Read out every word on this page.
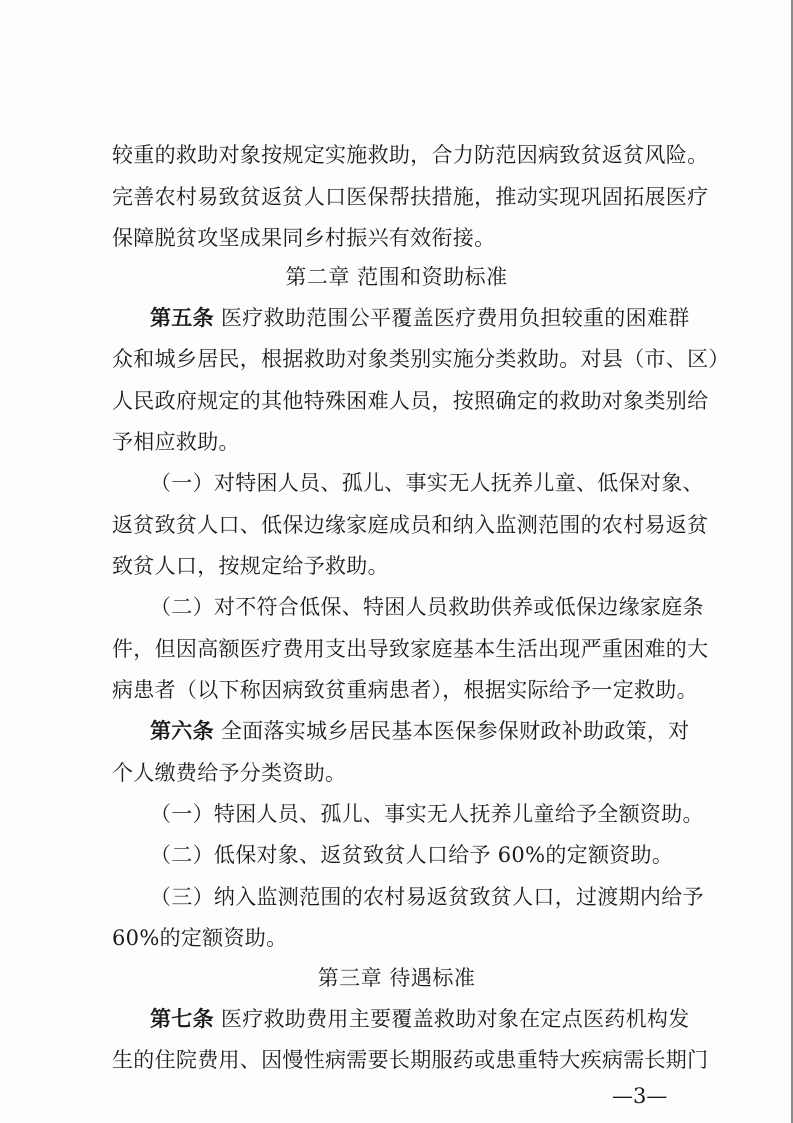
较重的救助对象按规定实施救助，合力防范因病致贫返贫风险。
完善农村易致贫返贫人口医保帮扶措施，推动实现巩固拓展医疗
保障脱贫攻坚成果同乡村振兴有效衔接。
第二章 范围和资助标准
第五条 医疗救助范围公平覆盖医疗费用负担较重的困难群
众和城乡居民，根据救助对象类别实施分类救助。对县（市、区）
人民政府规定的其他特殊困难人员，按照确定的救助对象类别给
予相应救助。
（一）对特困人员、孤儿、事实无人抚养儿童、低保对象、
返贫致贫人口、低保边缘家庭成员和纳入监测范围的农村易返贫
致贫人口，按规定给予救助。
（二）对不符合低保、特困人员救助供养或低保边缘家庭条
件，但因高额医疗费用支出导致家庭基本生活出现严重困难的大
病患者（以下称因病致贫重病患者），根据实际给予一定救助。
第六条 全面落实城乡居民基本医保参保财政补助政策，对
个人缴费给予分类资助。
（一）特困人员、孤儿、事实无人抚养儿童给予全额资助。
（二）低保对象、返贫致贫人口给予 60%的定额资助。
（三）纳入监测范围的农村易返贫致贫人口，过渡期内给予
60%的定额资助。
第三章 待遇标准
第七条 医疗救助费用主要覆盖救助对象在定点医药机构发
生的住院费用、因慢性病需要长期服药或患重特大疾病需长期门
—3—
